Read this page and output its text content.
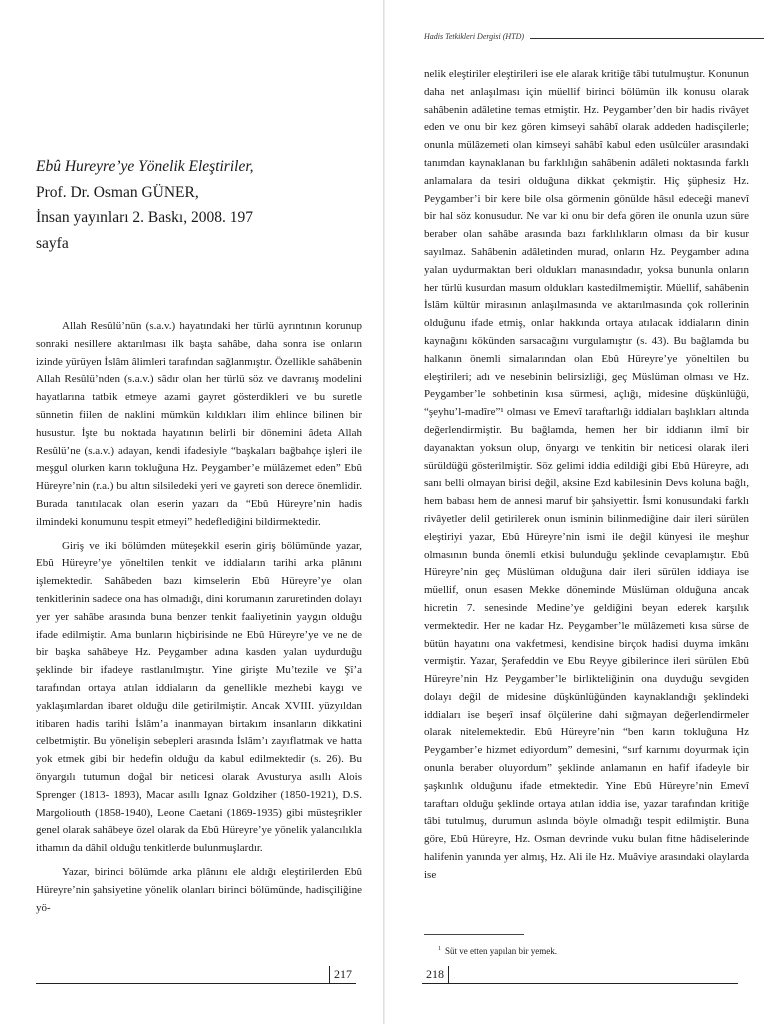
Ebû Hureyre’ye Yönelik Eleştiriler,
Prof. Dr. Osman GÜNER,
İnsan yayınları 2. Baskı, 2008. 197
sayfa

Allah Resûlü’nün (s.a.v.) hayatındaki her türlü ayrıntının korunup sonraki nesillere aktarılması ilk başta sahâbe, daha sonra ise onların izinde yürüyen İslâm âlimleri tarafından sağlanmıştır. Özellikle sahâbenin Allah Resûlü’nden (s.a.v.) sâdır olan her türlü söz ve davranış modelini hayatlarına tatbik etmeye azami gayret gösterdikleri ve bu suretle sünnetin fiilen de naklini mümkün kıldıkları ilim ehlince bilinen bir husustur. İşte bu noktada hayatının belirli bir dönemini âdeta Allah Resûlü’ne (s.a.v.) adayan, kendi ifadesiyle “başkaları bağbahçe işleri ile meşgul olurken karın tokluğuna Hz. Peygamber’e mülâzemet eden” Ebû Hüreyre’nin (r.a.) bu altın silsiledeki yeri ve gayreti son derece önemlidir. Burada tanıtılacak olan eserin yazarı da “Ebû Hüreyre’nin hadis ilmindeki konumunu tespit etmeyi” hedeflediğini bildirmektedir.

Giriş ve iki bölümden müteşekkil eserin giriş bölümünde yazar, Ebû Hüreyre’ye yöneltilen tenkit ve iddiaların tarihi arka plânını işlemektedir. Sahâbeden bazı kimselerin Ebû Hüreyre’ye olan tenkitlerinin sadece ona has olmadığı, dini korumanın zaruretinden dolayı yer yer sahâbe arasında buna benzer tenkit faaliyetinin yaygın olduğu ifade edilmiştir. Ama bunların hiçbirisinde ne Ebû Hüreyre’ye ve ne de bir başka sahâbeye Hz. Peygamber adına kasden yalan uydurduğu şeklinde bir ifadeye rastlanılmıştır. Yine girişte Mu’tezile ve Şî’a tarafından ortaya atılan iddiaların da genellikle mezhebi kaygı ve yaklaşımlardan ibaret olduğu dile getirilmiştir. Ancak XVIII. yüzyıldan itibaren hadis tarihi İslâm’a inanmayan birtakım insanların dikkatini celbetmiştir. Bu yönelişin sebepleri arasında İslâm’ı zayıflatmak ve hatta yok etmek gibi bir hedefin olduğu da kabul edilmektedir (s. 26). Bu önyargılı tutumun doğal bir neticesi olarak Avusturya asıllı Alois Sprenger (1813- 1893), Macar asıllı Ignaz Goldziher (1850-1921), D.S. Margoliouth (1858-1940), Leone Caetani (1869-1935) gibi müsteşrikler genel olarak sahâbeye özel olarak da Ebû Hüreyre’ye yönelik yalancılıkla ithamın da dâhil olduğu tenkitlerde bulunmuşlardır.

Yazar, birinci bölümde arka plânını ele aldığı eleştirilerden Ebû Hüreyre’nin şahsiyetine yönelik olanları birinci bölümünde, hadisçiliğine yö-

217
Hadis Tetkikleri Dergisi (HTD)

nelik eleştiriler eleştirileri ise ele alarak kritiğe tâbi tutulmuştur. Konunun daha net anlaşılması için müellif birinci bölümün ilk konusu olarak sahâbenin adâletine temas etmiştir. Hz. Peygamber’den bir hadis rivâyet eden ve onu bir kez gören kimseyi sahâbî olarak addeden hadisçilerle; onunla mülâzemeti olan kimseyi sahâbî kabul eden usûlcüler arasındaki tanımdan kaynaklanan bu farklılığın sahâbenin adâleti noktasında farklı anlamalara da tesiri olduğuna dikkat çekmiştir. Hiç şüphesiz Hz. Peygamber’i bir kere bile olsa görmenin gönülde hâsıl edeceği manevî bir hal söz konusudur. Ne var ki onu bir defa gören ile onunla uzun süre beraber olan sahâbe arasında bazı farklılıkların olması da bir kusur sayılmaz. Sahâbenin adâletinden murad, onların Hz. Peygamber adına yalan uydurmaktan beri oldukları manasındadır, yoksa bununla onların her türlü kusurdan masum oldukları kastedilmemiştir. Müellif, sahâbenin İslâm kültür mirasının anlaşılmasında ve aktarılmasında çok rollerinin olduğunu ifade etmiş, onlar hakkında ortaya atılacak iddiaların dinin kaynağını kökünden sarsacağını vurgulamıştır (s. 43). Bu bağlamda bu halkanın önemli simalarından olan Ebû Hüreyre’ye yöneltilen bu eleştirileri; adı ve nesebinin belirsizliği, geç Müslüman olması ve Hz. Peygamber’le sohbetinin kısa sürmesi, açlığı, midesine düşkünlüğü, “şeyhu’l-madîre”¹ olması ve Emevî taraftarlığı iddiaları başlıkları altında değerlendirmiştir. Bu bağlamda, hemen her bir iddianın ilmî bir dayanaktan yoksun olup, önyargı ve tenkitin bir neticesi olarak ileri sürüldüğü gösterilmiştir. Söz gelimi iddia edildiği gibi Ebû Hüreyre, adı sanı belli olmayan birisi değil, aksine Ezd kabilesinin Devs koluna bağlı, hem babası hem de annesi maruf bir şahsiyettir. İsmi konusundaki farklı rivâyetler delil getirilerek onun isminin bilinmediğine dair ileri sürülen eleştiriyi yazar, Ebû Hüreyre’nin ismi ile değil künyesi ile meşhur olmasının bunda önemli etkisi bulunduğu şeklinde cevaplamıştır. Ebû Hüreyre’nin geç Müslüman olduğuna dair ileri sürülen iddiaya ise müellif, onun esasen Mekke döneminde Müslüman olduğuna ancak hicretin 7. senesinde Medine’ye geldiğini beyan ederek karşılık vermektedir. Her ne kadar Hz. Peygamber’le mülâzemeti kısa sürse de bütün hayatını ona vakfetmesi, kendisine birçok hadisi duyma imkânı vermiştir. Yazar, Şerafeddin ve Ebu Reyye gibilerince ileri sürülen Ebû Hüreyre’nin Hz Peygamber’le birlikteliğinin ona duyduğu sevgiden dolayı değil de midesine düşkünlüğünden kaynaklandığı şeklindeki iddiaları ise beşerî insaf ölçülerine dahi sığmayan değerlendirmeler olarak nitelemektedir. Ebû Hüreyre’nin “ben karın tokluğuna Hz Peygamber’e hizmet ediyordum” demesini, “sırf karnımı doyurmak için onunla beraber oluyordum” şeklinde anlamanın en hafif ifadeyle bir şaşkınlık olduğunu ifade etmektedir. Yine Ebû Hüreyre’nin Emevî taraftarı olduğu şeklinde ortaya atılan iddia ise, yazar tarafından kritiğe tâbi tutulmuş, durumun aslında böyle olmadığı tespit edilmiştir. Buna göre, Ebû Hüreyre, Hz. Osman devrinde vuku bulan fitne hâdiselerinde halifenin yanında yer almış, Hz. Ali ile Hz. Muâviye arasındaki olaylarda ise

$^1$ Süt ve etten yapılan bir yemek.
218
